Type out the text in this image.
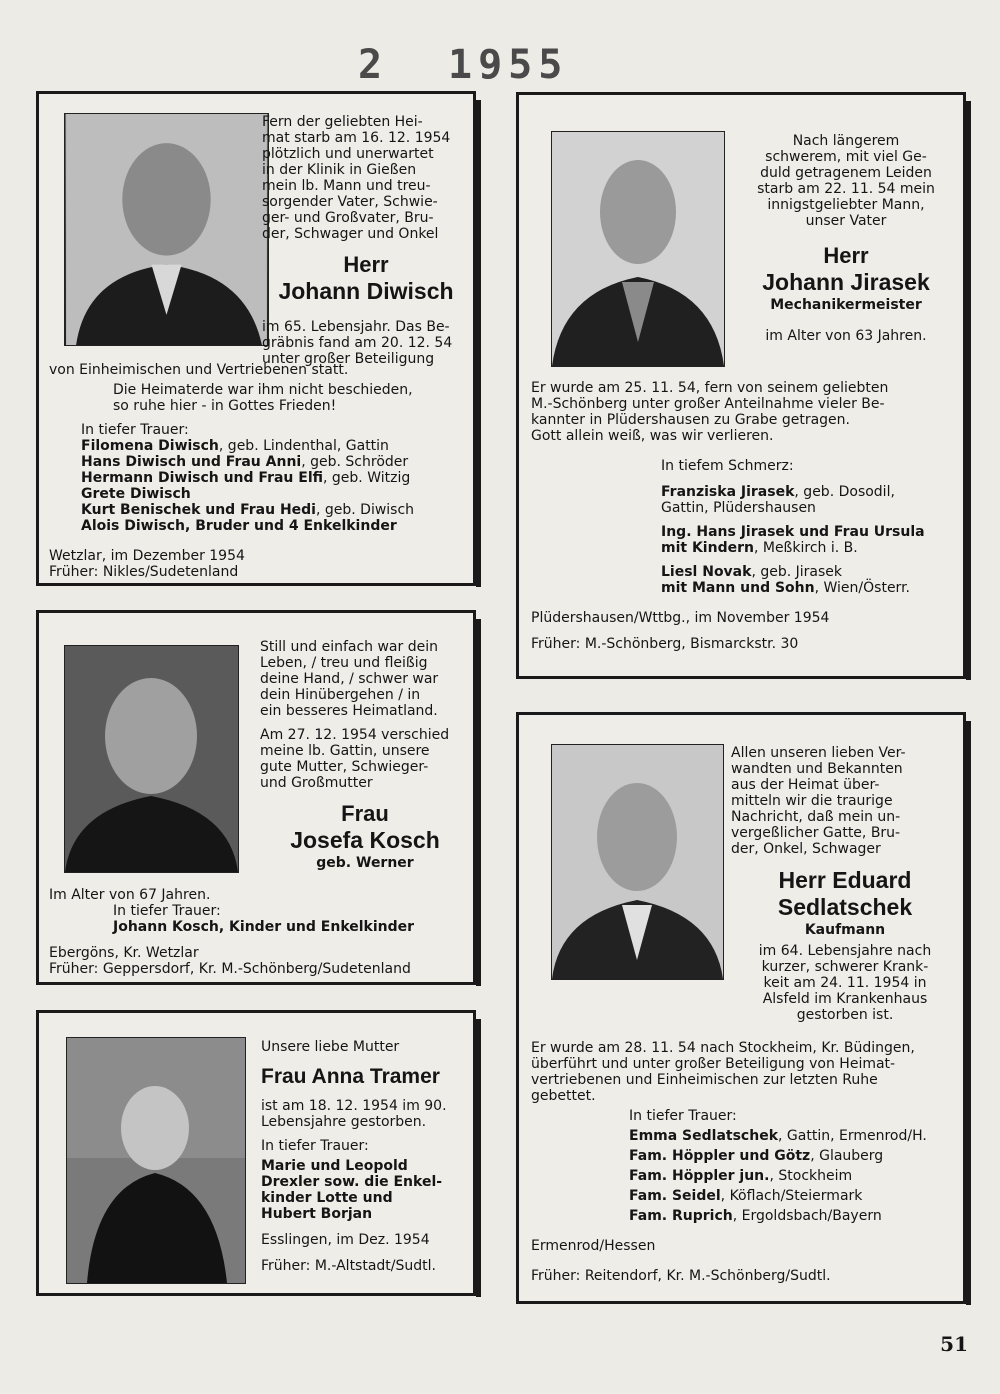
2 1955

Fern der geliebten Hei-

mat starb am 16. 12. 1954

plötzlich und unerwartet

in der Klinik in Gießen

mein lb. Mann und treu-

sorgender Vater, Schwie-

ger- und Großvater, Bru-

der, Schwager und Onkel

Herr

Johann Diwisch

im 65. Lebensjahr. Das Be-

gräbnis fand am 20. 12. 54

unter großer Beteiligung

von Einheimischen und Vertriebenen statt.

Die Heimaterde war ihm nicht beschieden,

so ruhe hier - in Gottes Frieden!

In tiefer Trauer:

Filomena Diwisch, geb. Lindenthal, Gattin

Hans Diwisch und Frau Anni, geb. Schröder

Hermann Diwisch und Frau Elfi, geb. Witzig

Grete Diwisch

Kurt Benischek und Frau Hedi, geb. Diwisch

Alois Diwisch, Bruder und 4 Enkelkinder

Wetzlar, im Dezember 1954

Früher: Nikles/Sudetenland

Nach längerem

schwerem, mit viel Ge-

duld getragenem Leiden

starb am 22. 11. 54 mein

innigstgeliebter Mann,

unser Vater

Herr

Johann Jirasek

Mechanikermeister

im Alter von 63 Jahren.

Er wurde am 25. 11. 54, fern von seinem geliebten

M.-Schönberg unter großer Anteilnahme vieler Be-

kannter in Plüdershausen zu Grabe getragen.

Gott allein weiß, was wir verlieren.

In tiefem Schmerz:

Franziska Jirasek, geb. Dosodil,

Gattin, Plüdershausen

Ing. Hans Jirasek und Frau Ursula

mit Kindern, Meßkirch i. B.

Liesl Novak, geb. Jirasek

mit Mann und Sohn, Wien/Österr.

Plüdershausen/Wttbg., im November 1954

Früher: M.-Schönberg, Bismarckstr. 30

Still und einfach war dein

Leben, / treu und fleißig

deine Hand, / schwer war

dein Hinübergehen / in

ein besseres Heimatland.

Am 27. 12. 1954 verschied

meine lb. Gattin, unsere

gute Mutter, Schwieger-

und Großmutter

Frau

Josefa Kosch

geb. Werner

Im Alter von 67 Jahren.

In tiefer Trauer:

Johann Kosch, Kinder und Enkelkinder

Ebergöns, Kr. Wetzlar

Früher: Geppersdorf, Kr. M.-Schönberg/Sudetenland

Unsere liebe Mutter

Frau Anna Tramer

ist am 18. 12. 1954 im 90.

Lebensjahre gestorben.

In tiefer Trauer:

Marie und Leopold

Drexler sow. die Enkel-

kinder Lotte und

Hubert Borjan

Esslingen, im Dez. 1954

Früher: M.-Altstadt/Sudtl.

Allen unseren lieben Ver-

wandten und Bekannten

aus der Heimat über-

mitteln wir die traurige

Nachricht, daß mein un-

vergeßlicher Gatte, Bru-

der, Onkel, Schwager

Herr Eduard

Sedlatschek

Kaufmann

im 64. Lebensjahre nach

kurzer, schwerer Krank-

keit am 24. 11. 1954 in

Alsfeld im Krankenhaus

gestorben ist.

Er wurde am 28. 11. 54 nach Stockheim, Kr. Büdingen,

überführt und unter großer Beteiligung von Heimat-

vertriebenen und Einheimischen zur letzten Ruhe

gebettet.

In tiefer Trauer:

Emma Sedlatschek, Gattin, Ermenrod/H.

Fam. Höppler und Götz, Glauberg

Fam. Höppler jun., Stockheim

Fam. Seidel, Köflach/Steiermark

Fam. Ruprich, Ergoldsbach/Bayern

Ermenrod/Hessen

Früher: Reitendorf, Kr. M.-Schönberg/Sudtl.

51
